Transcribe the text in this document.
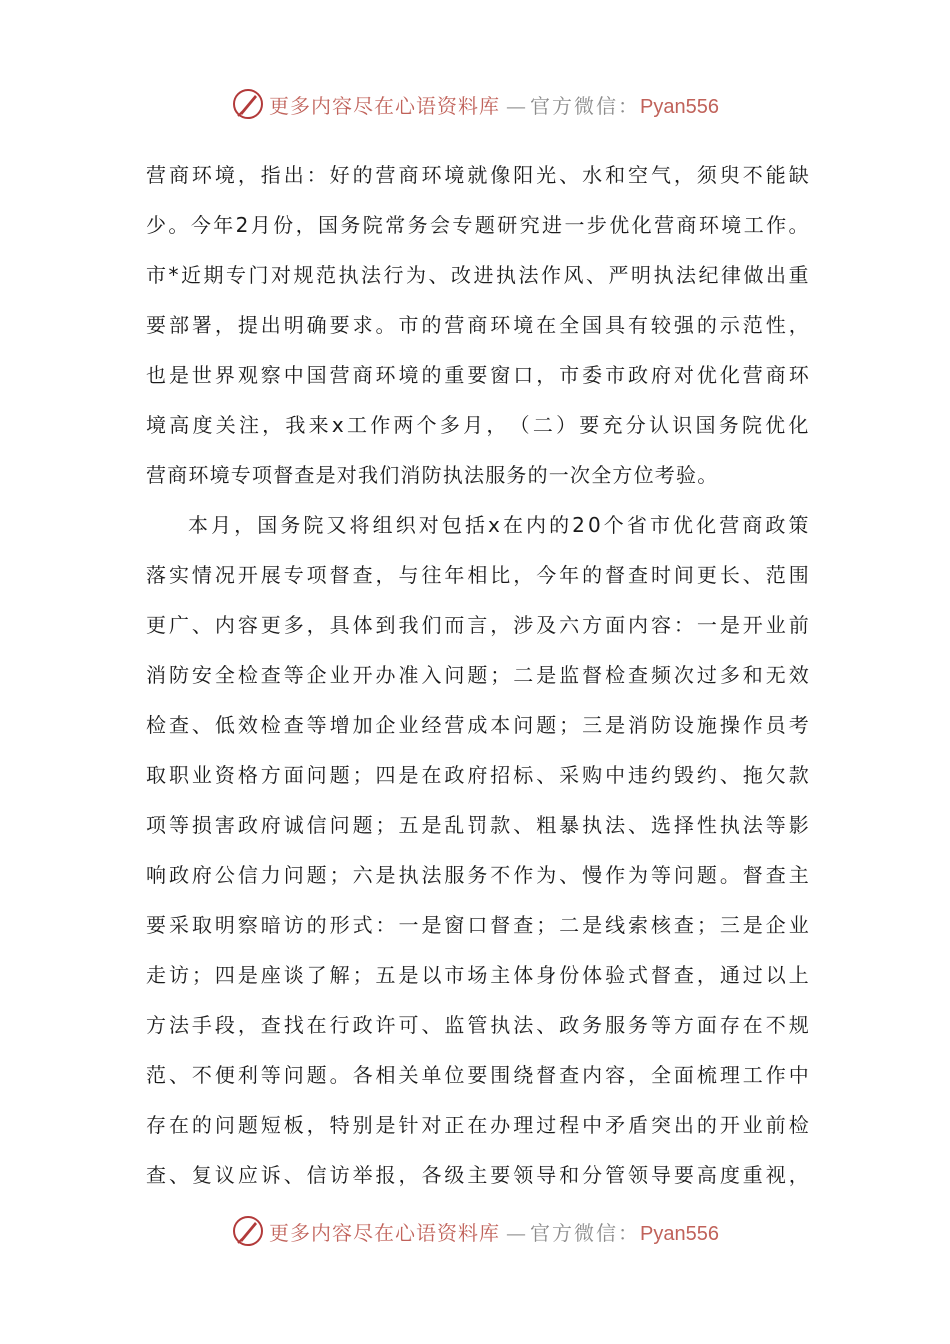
更多内容尽在心语资料库 — 官方微信：Pyan556
营 商 环 境 ， 指 出 ： 好 的 营 商 环 境 就 像 阳 光 、 水 和 空 气 ， 须 臾 不 能 缺
少 。 今 年 2 月 份 ， 国 务 院 常 务 会 专 题 研 究 进 一 步 优 化 营 商 环 境 工 作 。
市 * 近 期 专 门 对 规 范 执 法 行 为 、 改 进 执 法 作 风 、 严 明 执 法 纪 律 做 出 重
要 部 署 ， 提 出 明 确 要 求 。 市 的 营 商 环 境 在 全 国 具 有 较 强 的 示 范 性 ，
也 是 世 界 观 察 中 国 营 商 环 境 的 重 要 窗 口 ， 市 委 市 政 府 对 优 化 营 商 环
境 高 度 关 注 ， 我 来 x 工 作 两 个 多 月 ， （ 二 ） 要 充 分 认 识 国 务 院 优 化
营商环境专项督查是对我们消防执法服务的一次全方位考验。
本 月 ， 国 务 院 又 将 组 织 对 包 括 x 在 内 的 2 0 个 省 市 优 化 营 商 政 策
落 实 情 况 开 展 专 项 督 查 ， 与 往 年 相 比 ， 今 年 的 督 查 时 间 更 长 、 范 围
更 广 、 内 容 更 多 ， 具 体 到 我 们 而 言 ， 涉 及 六 方 面 内 容 ： 一 是 开 业 前
消 防 安 全 检 查 等 企 业 开 办 准 入 问 题 ； 二 是 监 督 检 查 频 次 过 多 和 无 效
检 查 、 低 效 检 查 等 增 加 企 业 经 营 成 本 问 题 ； 三 是 消 防 设 施 操 作 员 考
取 职 业 资 格 方 面 问 题 ； 四 是 在 政 府 招 标 、 采 购 中 违 约 毁 约 、 拖 欠 款
项 等 损 害 政 府 诚 信 问 题 ； 五 是 乱 罚 款 、 粗 暴 执 法 、 选 择 性 执 法 等 影
响 政 府 公 信 力 问 题 ； 六 是 执 法 服 务 不 作 为 、 慢 作 为 等 问 题 。 督 查 主
要 采 取 明 察 暗 访 的 形 式 ： 一 是 窗 口 督 查 ； 二 是 线 索 核 查 ； 三 是 企 业
走 访 ； 四 是 座 谈 了 解 ； 五 是 以 市 场 主 体 身 份 体 验 式 督 查 ， 通 过 以 上
方 法 手 段 ， 查 找 在 行 政 许 可 、 监 管 执 法 、 政 务 服 务 等 方 面 存 在 不 规
范 、 不 便 利 等 问 题 。 各 相 关 单 位 要 围 绕 督 查 内 容 ， 全 面 梳 理 工 作 中
存 在 的 问 题 短 板 ， 特 别 是 针 对 正 在 办 理 过 程 中 矛 盾 突 出 的 开 业 前 检
查 、 复 议 应 诉 、 信 访 举 报 ， 各 级 主 要 领 导 和 分 管 领 导 要 高 度 重 视 ，
更多内容尽在心语资料库 — 官方微信：Pyan556
